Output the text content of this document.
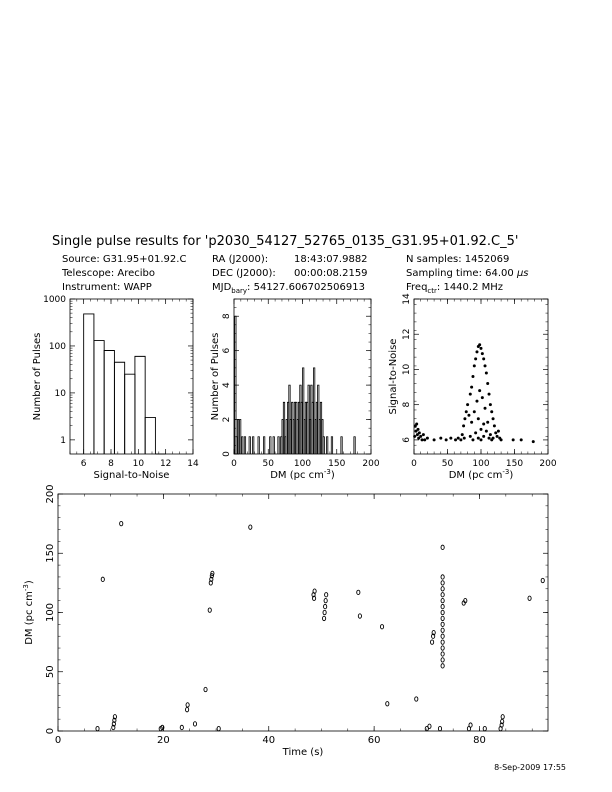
Single pulse results for 'p2030_54127_52765_0135_G31.95+01.92.C_5'
Source: G31.95+01.92.C
Telescope: Arecibo
Instrument: WAPP
RA (J2000):	18:43:07.9882
DEC (J2000): 00:00:08.2159
$MJD_{bary}$: 54127.606702506913
N samples: 1452069
Sampling time: 64.00 μs
Freq$_{ctr}$: 1440.2 MHz
6 8 10 12 14
1
10
100
1000
Signal-to-Noise
Number of Pulses
0	50 100 150 200
0
2
4
6
8
DM (pc $cm^{-3}$)
Number of Pulses
0	50 100 150 200
6
8
10
12
14
DM (pc $cm^{-3}$)
Signal-to-Noise
0	20	40	60	80
0
50
100
150
200
Time (s)
DM (pc $cm^{-3}$)
8-Sep-2009 17:55
